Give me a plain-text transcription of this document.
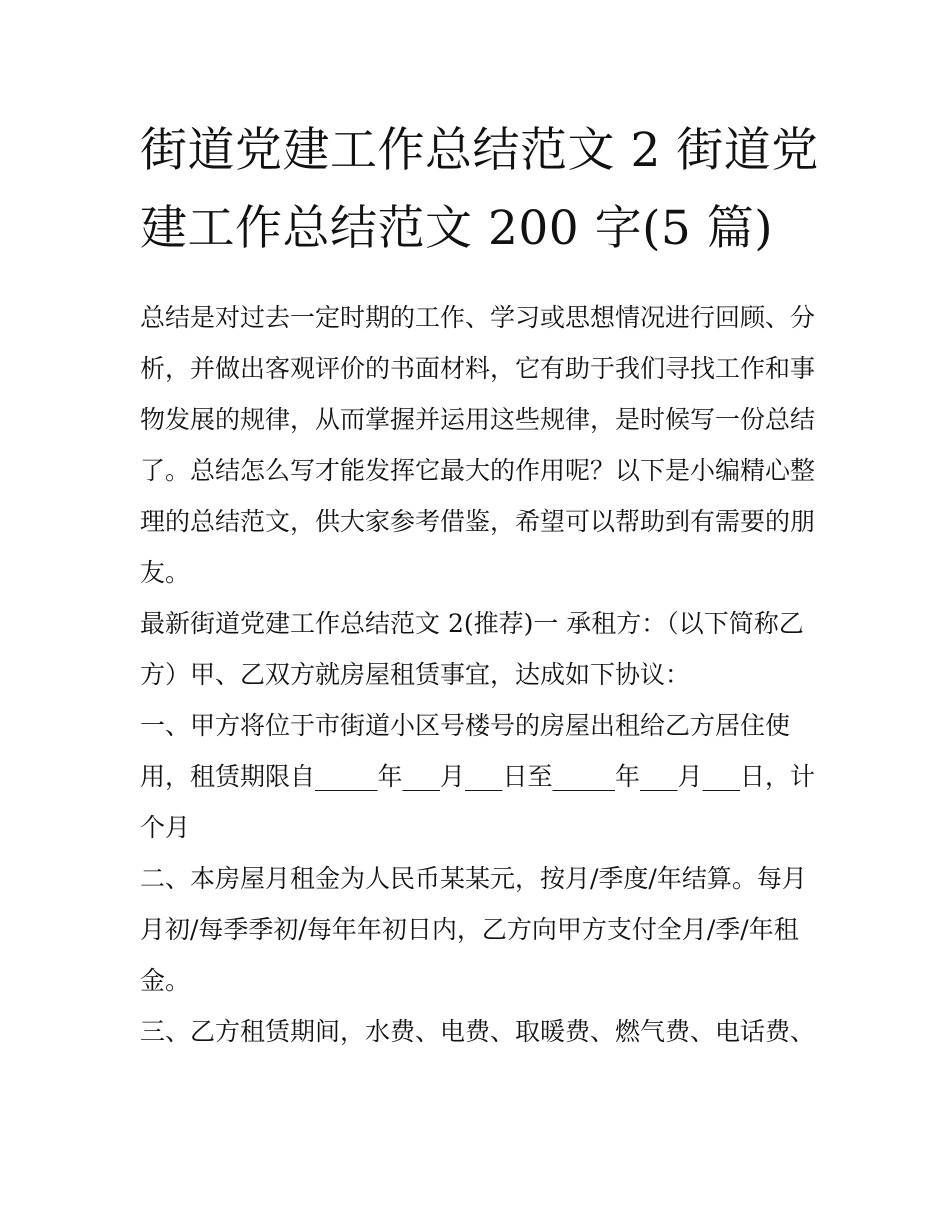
街道党建工作总结范文 2 街道党建工作总结范文 200 字(5 篇)

总结是对过去一定时期的工作、学习或思想情况进行回顾、分析，并做出客观评价的书面材料，它有助于我们寻找工作和事物发展的规律，从而掌握并运用这些规律，是时候写一份总结了。总结怎么写才能发挥它最大的作用呢？以下是小编精心整理的总结范文，供大家参考借鉴，希望可以帮助到有需要的朋友。

最新街道党建工作总结范文 2(推荐)一 承租方：（以下简称乙方）甲、乙双方就房屋租赁事宜，达成如下协议：

一、甲方将位于市街道小区号楼号的房屋出租给乙方居住使用，租赁期限自_____年___月___日至_____年___月___日，计个月

二、本房屋月租金为人民币某某元，按月/季度/年结算。每月月初/每季季初/每年年初日内，乙方向甲方支付全月/季/年租金。

三、乙方租赁期间，水费、电费、取暖费、燃气费、电话费、
